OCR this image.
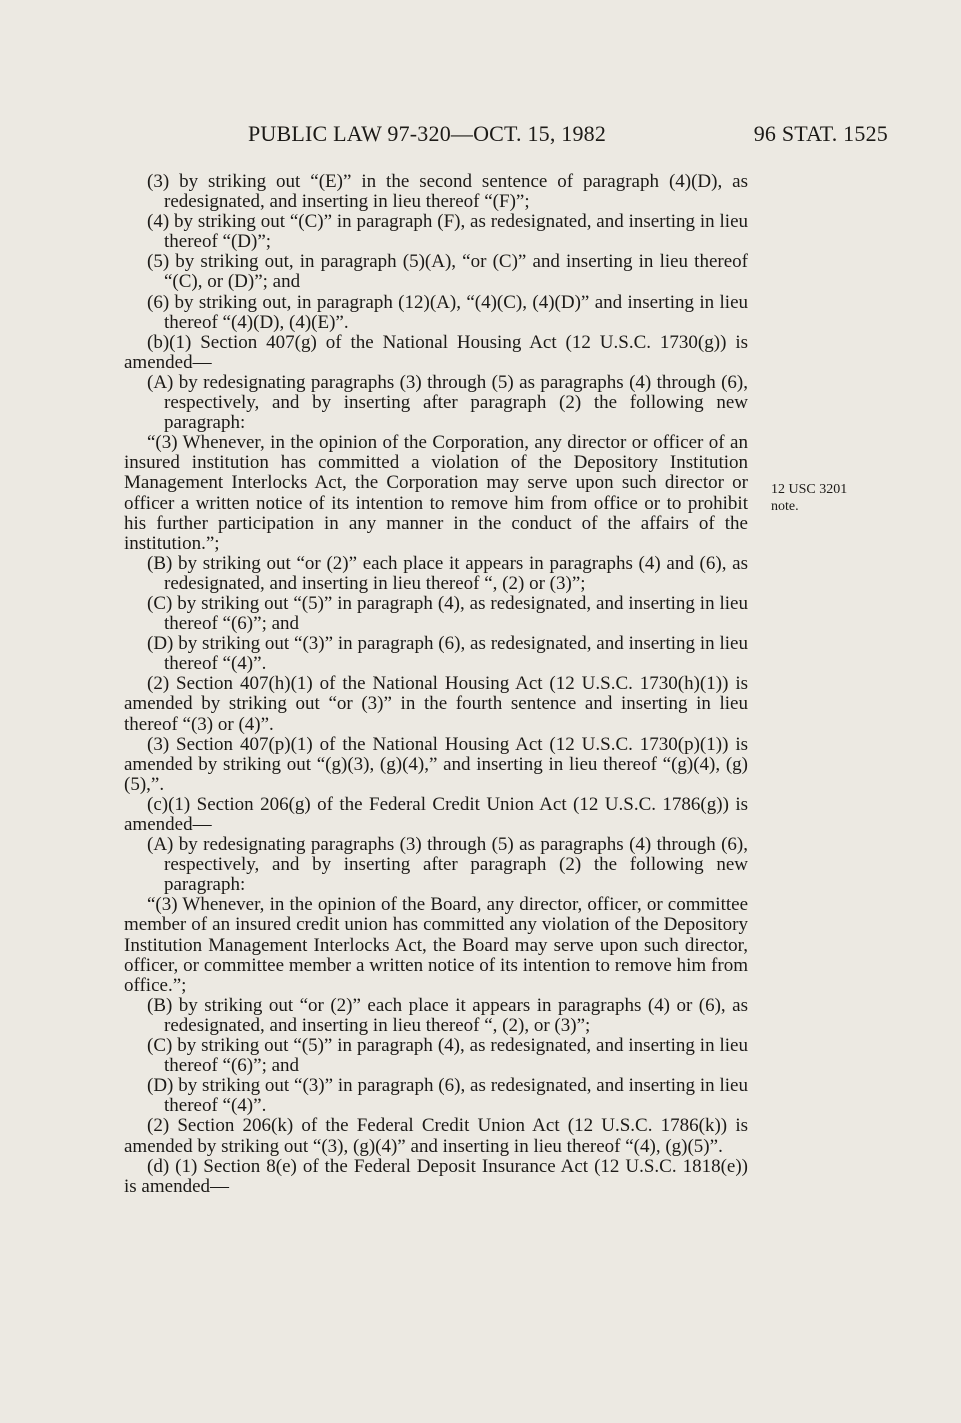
PUBLIC LAW 97-320—OCT. 15, 1982	96 STAT. 1525

(3) by striking out “(E)” in the second sentence of paragraph (4)(D), as redesignated, and inserting in lieu thereof “(F)”;

(4) by striking out “(C)” in paragraph (F), as redesignated, and inserting in lieu thereof “(D)”;

(5) by striking out, in paragraph (5)(A), “or (C)” and inserting in lieu thereof “(C), or (D)”; and

(6) by striking out, in paragraph (12)(A), “(4)(C), (4)(D)” and inserting in lieu thereof “(4)(D), (4)(E)”.

(b)(1) Section 407(g) of the National Housing Act (12 U.S.C. 1730(g)) is amended—

(A) by redesignating paragraphs (3) through (5) as paragraphs (4) through (6), respectively, and by inserting after paragraph (2) the following new paragraph:

“(3) Whenever, in the opinion of the Corporation, any director or officer of an insured institution has committed a violation of the Depository Institution Management Interlocks Act, the Corporation may serve upon such director or officer a written notice of its intention to remove him from office or to prohibit his further participation in any manner in the conduct of the affairs of the institution.”;

(B) by striking out “or (2)” each place it appears in paragraphs (4) and (6), as redesignated, and inserting in lieu thereof “, (2) or (3)”;

(C) by striking out “(5)” in paragraph (4), as redesignated, and inserting in lieu thereof “(6)”; and

(D) by striking out “(3)” in paragraph (6), as redesignated, and inserting in lieu thereof “(4)”.

(2) Section 407(h)(1) of the National Housing Act (12 U.S.C. 1730(h)(1)) is amended by striking out “or (3)” in the fourth sentence and inserting in lieu thereof “(3) or (4)”.

(3) Section 407(p)(1) of the National Housing Act (12 U.S.C. 1730(p)(1)) is amended by striking out “(g)(3), (g)(4),” and inserting in lieu thereof “(g)(4), (g) (5),”.

(c)(1) Section 206(g) of the Federal Credit Union Act (12 U.S.C. 1786(g)) is amended—

(A) by redesignating paragraphs (3) through (5) as paragraphs (4) through (6), respectively, and by inserting after paragraph (2) the following new paragraph:

“(3) Whenever, in the opinion of the Board, any director, officer, or committee member of an insured credit union has committed any violation of the Depository Institution Management Interlocks Act, the Board may serve upon such director, officer, or committee member a written notice of its intention to remove him from office.”;

(B) by striking out “or (2)” each place it appears in paragraphs (4) or (6), as redesignated, and inserting in lieu thereof “, (2), or (3)”;

(C) by striking out “(5)” in paragraph (4), as redesignated, and inserting in lieu thereof “(6)”; and

(D) by striking out “(3)” in paragraph (6), as redesignated, and inserting in lieu thereof “(4)”.

(2) Section 206(k) of the Federal Credit Union Act (12 U.S.C. 1786(k)) is amended by striking out “(3), (g)(4)” and inserting in lieu thereof “(4), (g)(5)”.

(d) (1) Section 8(e) of the Federal Deposit Insurance Act (12 U.S.C. 1818(e)) is amended—

12 USC 3201
note.
